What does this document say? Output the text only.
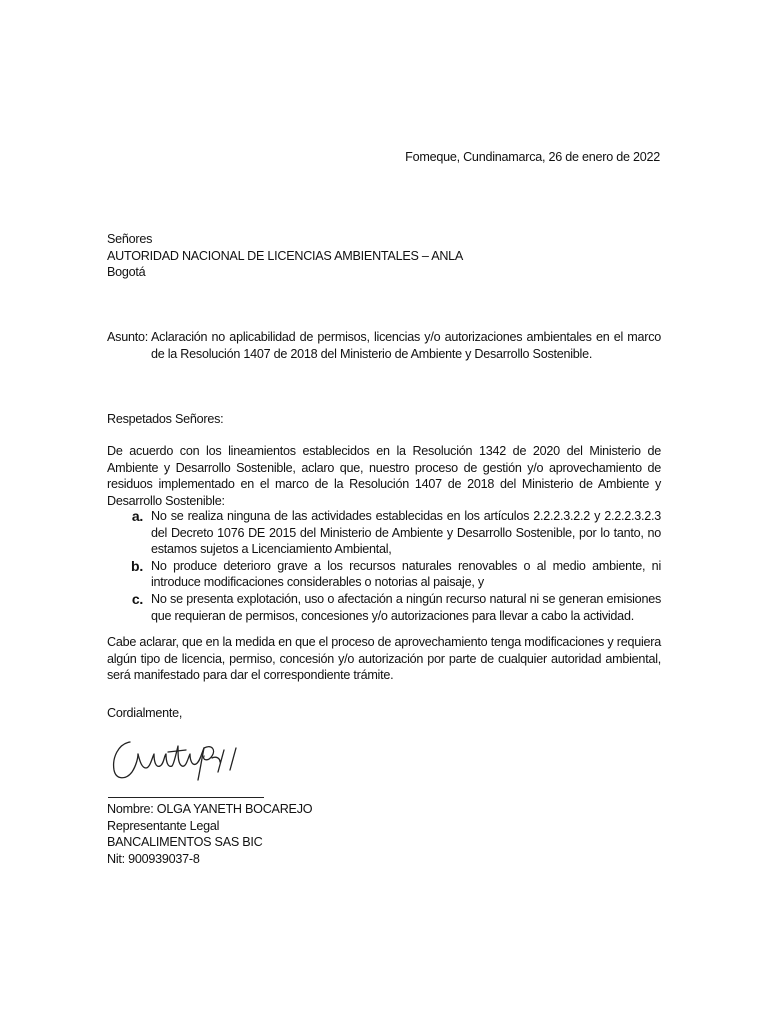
Fomeque, Cundinamarca, 26 de enero de 2022
Señores
AUTORIDAD NACIONAL DE LICENCIAS AMBIENTALES – ANLA
Bogotá
Asunto: Aclaración no aplicabilidad de permisos, licencias y/o autorizaciones ambientales en el marco de la Resolución 1407 de 2018 del Ministerio de Ambiente y Desarrollo Sostenible.
Respetados Señores:
De acuerdo con los lineamientos establecidos en la Resolución 1342 de 2020 del Ministerio de Ambiente y Desarrollo Sostenible, aclaro que, nuestro proceso de gestión y/o aprovechamiento de residuos implementado en el marco de la Resolución 1407 de 2018 del Ministerio de Ambiente y Desarrollo Sostenible:
a. No se realiza ninguna de las actividades establecidas en los artículos 2.2.2.3.2.2 y 2.2.2.3.2.3 del Decreto 1076 DE 2015 del Ministerio de Ambiente y Desarrollo Sostenible, por lo tanto, no estamos sujetos a Licenciamiento Ambiental,
b. No produce deterioro grave a los recursos naturales renovables o al medio ambiente, ni introduce modificaciones considerables o notorias al paisaje, y
c. No se presenta explotación, uso o afectación a ningún recurso natural ni se generan emisiones que requieran de permisos, concesiones y/o autorizaciones para llevar a cabo la actividad.
Cabe aclarar, que en la medida en que el proceso de aprovechamiento tenga modificaciones y requiera algún tipo de licencia, permiso, concesión y/o autorización por parte de cualquier autoridad ambiental, será manifestado para dar el correspondiente trámite.
Cordialmente,
Nombre: OLGA YANETH BOCAREJO
Representante Legal
BANCALIMENTOS SAS BIC
Nit: 900939037-8
